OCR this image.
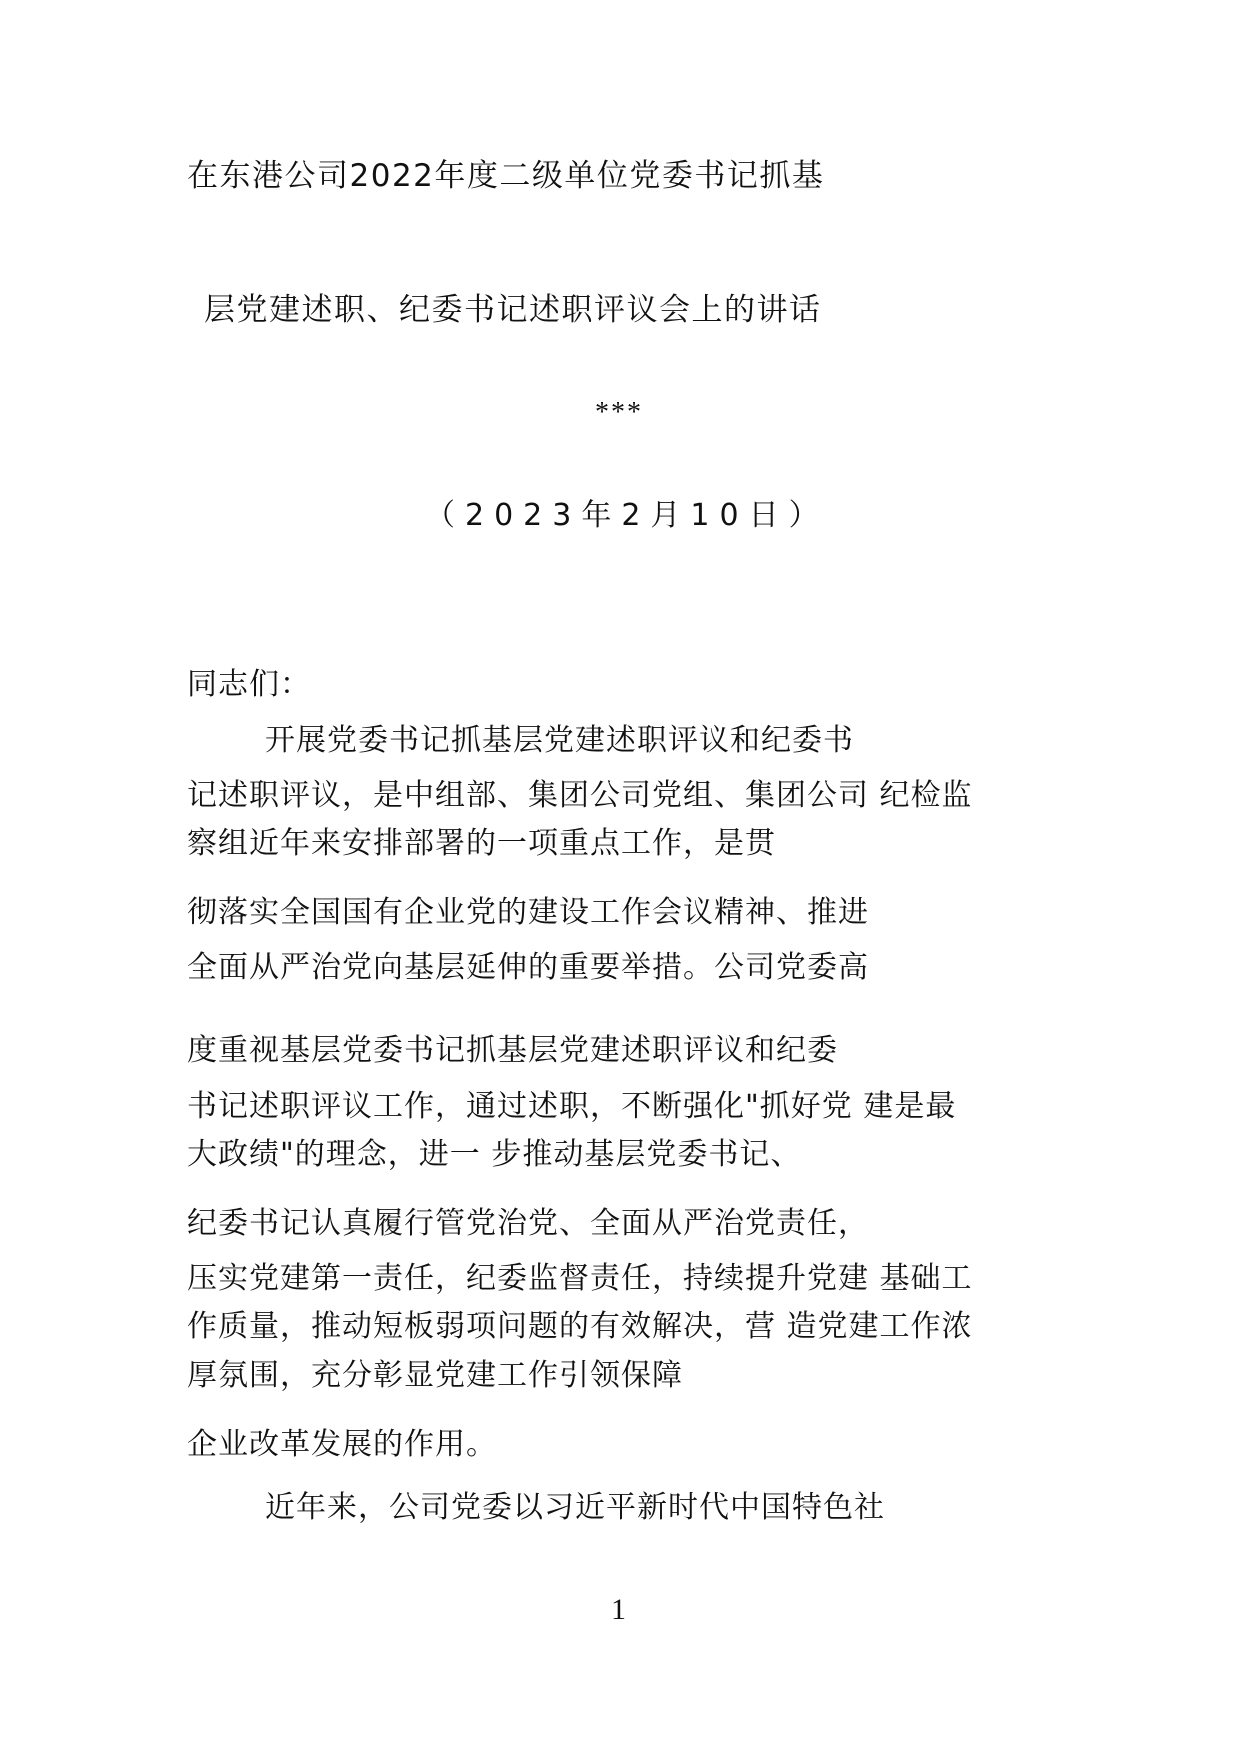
在东港公司2022年度二级单位党委书记抓基
层党建述职、纪委书记述职评议会上的讲话
***
（2023年2月10日）
同志们：
开展党委书记抓基层党建述职评议和纪委书
记述职评议，是中组部、集团公司党组、集团公司 纪检监
察组近年来安排部署的一项重点工作，是贯
彻落实全国国有企业党的建设工作会议精神、推进
全面从严治党向基层延伸的重要举措。公司党委高
度重视基层党委书记抓基层党建述职评议和纪委
书记述职评议工作，通过述职，不断强化"抓好党 建是最
大政绩"的理念，进一 步推动基层党委书记、
纪委书记认真履行管党治党、全面从严治党责任，
压实党建第一责任，纪委监督责任，持续提升党建 基础工
作质量，推动短板弱项问题的有效解决，营 造党建工作浓
厚氛围，充分彰显党建工作引领保障
企业改革发展的作用。
近年来，公司党委以习近平新时代中国特色社
1
